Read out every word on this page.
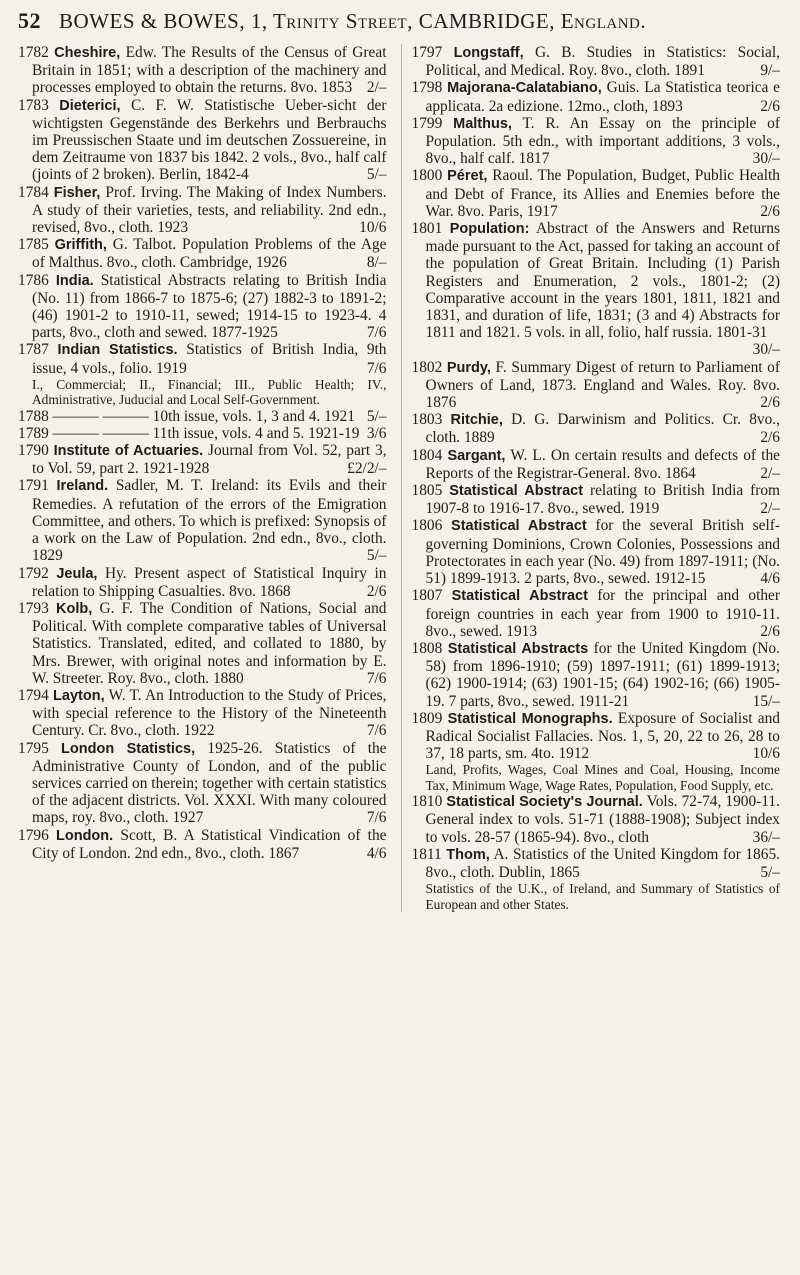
52 BOWES & BOWES, 1, Trinity Street, CAMBRIDGE, England.

1782 Cheshire, Edw. The Results of the Census of Great Britain in 1851; with a description of the machinery and processes employed to obtain the returns. 8vo. 1853 2/–

1783 Dieterici, C. F. W. Statistische Ueber-sicht der wichtigsten Gegenstände des Berkehrs und Berbrauchs im Preussischen Staate und im deutschen Zossuereine, in dem Zeitraume von 1837 bis 1842. 2 vols., 8vo., half calf (joints of 2 broken). Berlin, 1842-4	5/–

1784 Fisher, Prof. Irving. The Making of Index Numbers. A study of their varieties, tests, and reliability. 2nd edn., revised, 8vo., cloth. 1923	10/6

1785 Griffith, G. Talbot. Population Problems of the Age of Malthus. 8vo., cloth. Cambridge, 1926	8/–

1786 India. Statistical Abstracts relating to British India (No. 11) from 1866-7 to 1875-6; (27) 1882-3 to 1891-2; (46) 1901-2 to 1910-11, sewed; 1914-15 to 1923-4. 4 parts, 8vo., cloth and sewed. 1877-1925	7/6

1787 Indian Statistics. Statistics of British India, 9th issue, 4 vols., folio. 1919	7/6

I., Commercial; II., Financial; III., Public Health; IV., Administrative, Juducial and Local Self-Government.

1788 ——— ——— 10th issue, vols. 1, 3 and 4. 1921 5/–

1789 ——— ——— 11th issue, vols. 4 and 5. 1921-19 3/6

1790 Institute of Actuaries. Journal from Vol. 52, part 3, to Vol. 59, part 2. 1921-1928	£2/2/–

1791 Ireland. Sadler, M. T. Ireland: its Evils and their Remedies. A refutation of the errors of the Emigration Committee, and others. To which is prefixed: Synopsis of a work on the Law of Population. 2nd edn., 8vo., cloth. 1829	5/–

1792 Jeula, Hy. Present aspect of Statistical Inquiry in relation to Shipping Casualties. 8vo. 1868	2/6

1793 Kolb, G. F. The Condition of Nations, Social and Political. With complete comparative tables of Universal Statistics. Translated, edited, and collated to 1880, by Mrs. Brewer, with original notes and information by E. W. Streeter. Roy. 8vo., cloth. 1880	7/6

1794 Layton, W. T. An Introduction to the Study of Prices, with special reference to the History of the Nineteenth Century. Cr. 8vo., cloth. 1922	7/6

1795 London Statistics, 1925-26. Statistics of the Administrative County of London, and of the public services carried on therein; together with certain statistics of the adjacent districts. Vol. XXXI. With many coloured maps, roy. 8vo., cloth. 1927	7/6

1796 London. Scott, B. A Statistical Vindication of the City of London. 2nd edn., 8vo., cloth. 1867	4/6

1797 Longstaff, G. B. Studies in Statistics: Social, Political, and Medical. Roy. 8vo., cloth. 1891	9/–

1798 Majorana-Calatabiano, Guis. La Statistica teorica e applicata. 2a edizione. 12mo., cloth, 1893	2/6

1799 Malthus, T. R. An Essay on the principle of Population. 5th edn., with important additions, 3 vols., 8vo., half calf. 1817	30/–

1800 Péret, Raoul. The Population, Budget, Public Health and Debt of France, its Allies and Enemies before the War. 8vo. Paris, 1917	2/6

1801 Population: Abstract of the Answers and Returns made pursuant to the Act, passed for taking an account of the population of Great Britain. Including (1) Parish Registers and Enumeration, 2 vols., 1801-2; (2) Comparative account in the years 1801, 1811, 1821 and 1831, and duration of life, 1831; (3 and 4) Abstracts for 1811 and 1821. 5 vols. in all, folio, half russia. 1801-31
30/–

1802 Purdy, F. Summary Digest of return to Parliament of Owners of Land, 1873. England and Wales. Roy. 8vo. 1876	2/6

1803 Ritchie, D. G. Darwinism and Politics. Cr. 8vo., cloth. 1889	2/6

1804 Sargant, W. L. On certain results and defects of the Reports of the Registrar-General. 8vo. 1864	2/–

1805 Statistical Abstract relating to British India from 1907-8 to 1916-17. 8vo., sewed. 1919	2/–

1806 Statistical Abstract for the several British self-governing Dominions, Crown Colonies, Possessions and Protectorates in each year (No. 49) from 1897-1911; (No. 51) 1899-1913. 2 parts, 8vo., sewed. 1912-15	4/6

1807 Statistical Abstract for the principal and other foreign countries in each year from 1900 to 1910-11. 8vo., sewed. 1913	2/6

1808 Statistical Abstracts for the United Kingdom (No. 58) from 1896-1910; (59) 1897-1911; (61) 1899-1913; (62) 1900-1914; (63) 1901-15; (64) 1902-16; (66) 1905-19. 7 parts, 8vo., sewed. 1911-21	15/–

1809 Statistical Monographs. Exposure of Socialist and Radical Socialist Fallacies. Nos. 1, 5, 20, 22 to 26, 28 to 37, 18 parts, sm. 4to. 1912	10/6

Land, Profits, Wages, Coal Mines and Coal, Housing, Income Tax, Minimum Wage, Wage Rates, Population, Food Supply, etc.

1810 Statistical Society's Journal. Vols. 72-74, 1900-11. General index to vols. 51-71 (1888-1908); Subject index to vols. 28-57 (1865-94). 8vo., cloth	36/–

1811 Thom, A. Statistics of the United Kingdom for 1865. 8vo., cloth. Dublin, 1865	5/–

Statistics of the U.K., of Ireland, and Summary of Statistics of European and other States.
